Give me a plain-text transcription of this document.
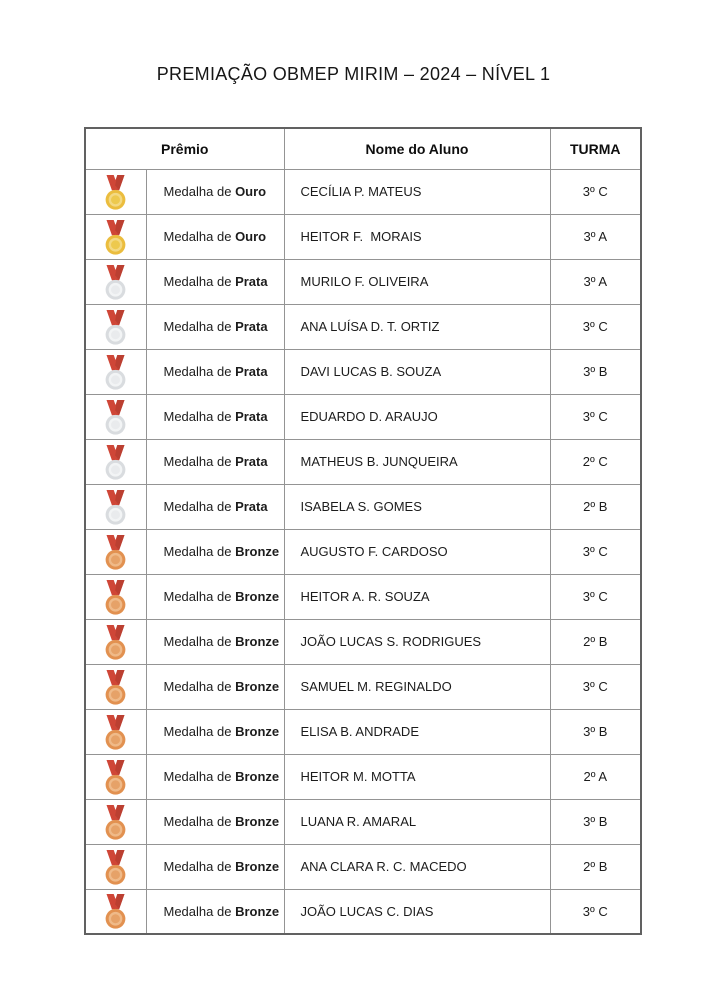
PREMIAÇÃO OBMEP MIRIM – 2024 – NÍVEL 1
Prêmio		Nome do Aluno	TURMA

	Medalha de Ouro	CECÍLIA P. MATEUS	3º C

	Medalha de Ouro	HEITOR F.  MORAIS	3º A

	Medalha de Prata	MURILO F. OLIVEIRA	3º A

	Medalha de Prata	ANA LUÍSA D. T. ORTIZ	3º C

	Medalha de Prata	DAVI LUCAS B. SOUZA	3º B

	Medalha de Prata	EDUARDO D. ARAUJO	3º C

	Medalha de Prata	MATHEUS B. JUNQUEIRA	2º C

	Medalha de Prata	ISABELA S. GOMES	2º B

	Medalha de Bronze	AUGUSTO F. CARDOSO	3º C

	Medalha de Bronze	HEITOR A. R. SOUZA	3º C

	Medalha de Bronze	JOÃO LUCAS S. RODRIGUES	2º B

	Medalha de Bronze	SAMUEL M. REGINALDO	3º C

	Medalha de Bronze	ELISA B. ANDRADE	3º B

	Medalha de Bronze	HEITOR M. MOTTA	2º A

	Medalha de Bronze	LUANA R. AMARAL	3º B

	Medalha de Bronze	ANA CLARA R. C. MACEDO	2º B

	Medalha de Bronze	JOÃO LUCAS C. DIAS	3º C
